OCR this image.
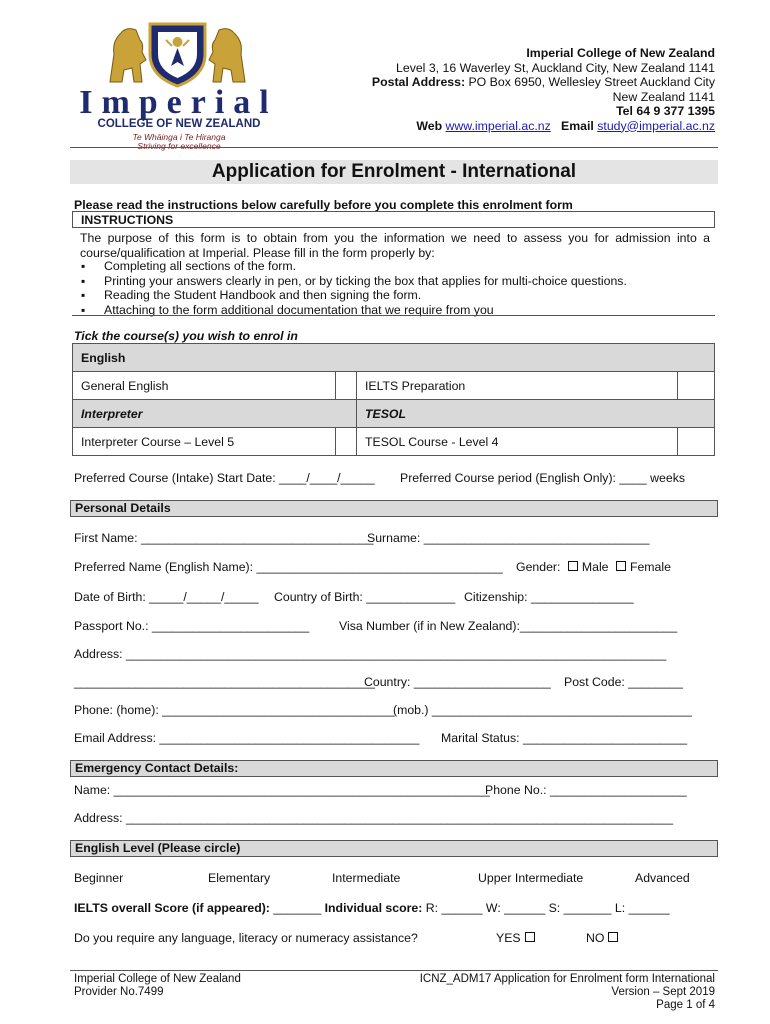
Imperial
COLLEGE OF NEW ZEALAND
Te Whāinga i Te Hiranga
Striving for excellence
Imperial College of New Zealand
Level 3, 16 Waverley St, Auckland City, New Zealand 1141
Postal Address: PO Box 6950, Wellesley Street Auckland City
New Zealand 1141
Tel 64 9 377 1395
Web www.imperial.ac.nz Email study@imperial.ac.nz
Application for Enrolment - International
Please read the instructions below carefully before you complete this enrolment form
INSTRUCTIONS
The purpose of this form is to obtain from you the information we need to assess you for admission into a course/qualification at Imperial. Please fill in the form properly by:
▪ Completing all sections of the form.
▪ Printing your answers clearly in pen, or by ticking the box that applies for multi-choice questions.
▪ Reading the Student Handbook and then signing the form.
▪ Attaching to the form additional documentation that we require from you
Tick the course(s) you wish to enrol in
English			
General English		IELTS Preparation	
Interpreter		TESOL	
Interpreter Course – Level 5		TESOL Course - Level 4	
Preferred Course (Intake) Start Date: ____/____/_____ Preferred Course period (English Only): ____ weeks
Personal Details
First Name: __________________________________
Surname: _________________________________
Preferred Name (English Name): ____________________________________ Gender: Male Female
Date of Birth: _____/_____/_____ Country of Birth: _____________ Citizenship: _______________
Passport No.: _______________________ Visa Number (if in New Zealand):_______________________
Address: _______________________________________________________________________________
____________________________________________
Country: ____________________ Post Code: ________
Phone: (home): __________________________________
(mob.) ______________________________________
Email Address: ______________________________________ Marital Status: ________________________
Emergency Contact Details:
Name: _______________________________________________________
Phone No.: ____________________
Address: ________________________________________________________________________________
English Level (Please circle)
Beginner	Elementary	Intermediate	Upper Intermediate	Advanced
IELTS overall Score (if appeared): _______ Individual score: R: ______ W: ______ S: _______ L: ______
Do you require any language, literacy or numeracy assistance?	YES	NO
Imperial College of New Zealand
Provider No.7499
ICNZ_ADM17 Application for Enrolment form International
Version – Sept 2019
Page 1 of 4
